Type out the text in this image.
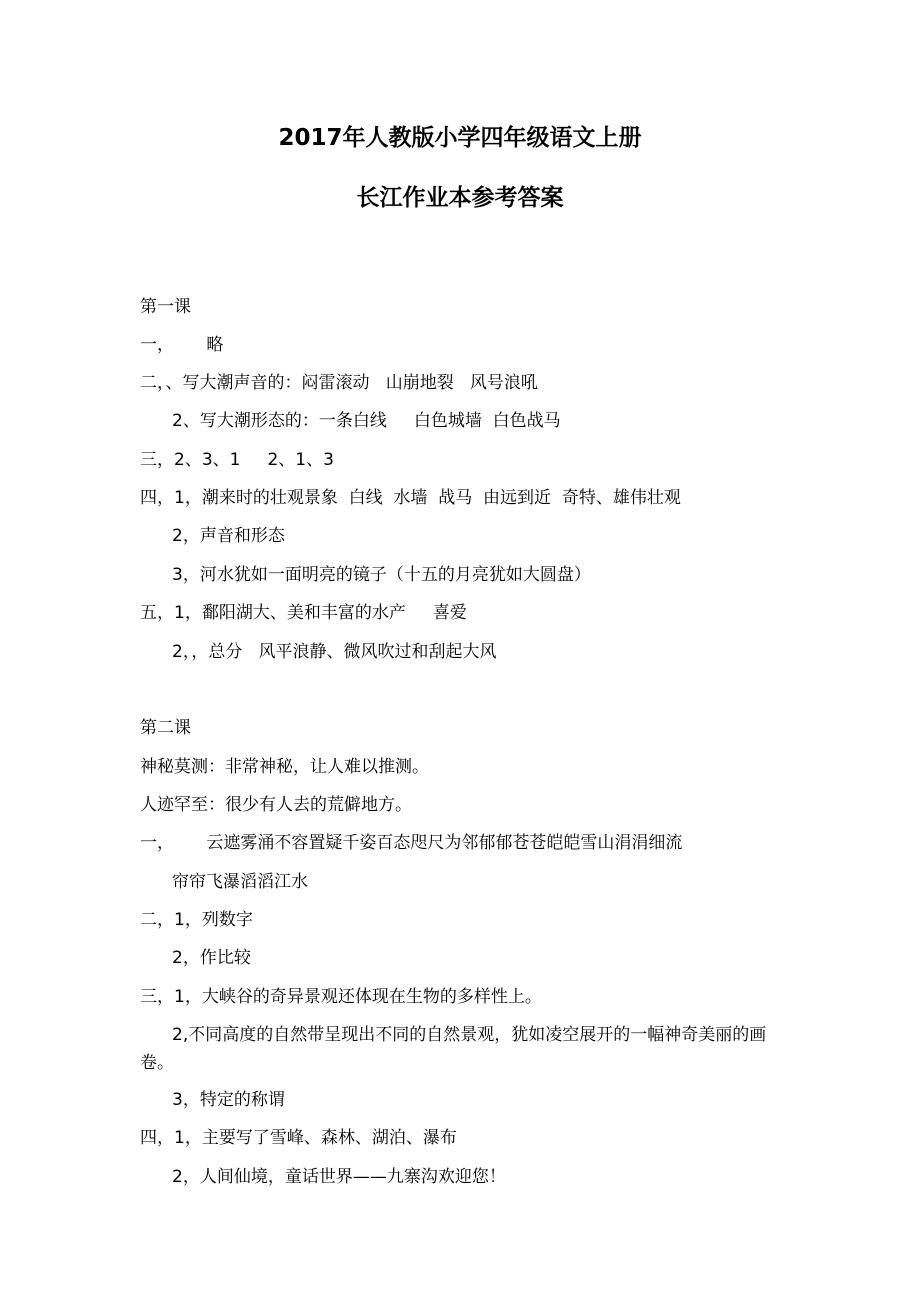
2017年人教版小学四年级语文上册
长江作业本参考答案
第一课
一，      略
二，、写大潮声音的：闷雷滚动   山崩地裂   风号浪吼
2、写大潮形态的：一条白线     白色城墙  白色战马
三，2、3、1     2、1、3
四，1，潮来时的壮观景象  白线  水墙  战马  由远到近  奇特、雄伟壮观
2，声音和形态
3，河水犹如一面明亮的镜子（十五的月亮犹如大圆盘）
五，1，鄱阳湖大、美和丰富的水产     喜爱
2，，总分   风平浪静、微风吹过和刮起大风
第二课
神秘莫测：非常神秘，让人难以推测。
人迹罕至：很少有人去的荒僻地方。
一，      云遮雾涌不容置疑千姿百态咫尺为邻郁郁苍苍皑皑雪山涓涓细流
帘帘飞瀑滔滔江水
二，1，列数字
2，作比较
三，1，大峡谷的奇异景观还体现在生物的多样性上。
2,不同高度的自然带呈现出不同的自然景观，犹如凌空展开的一幅神奇美丽的画卷。
3，特定的称谓
四，1，主要写了雪峰、森林、湖泊、瀑布
2，人间仙境，童话世界——九寨沟欢迎您！
